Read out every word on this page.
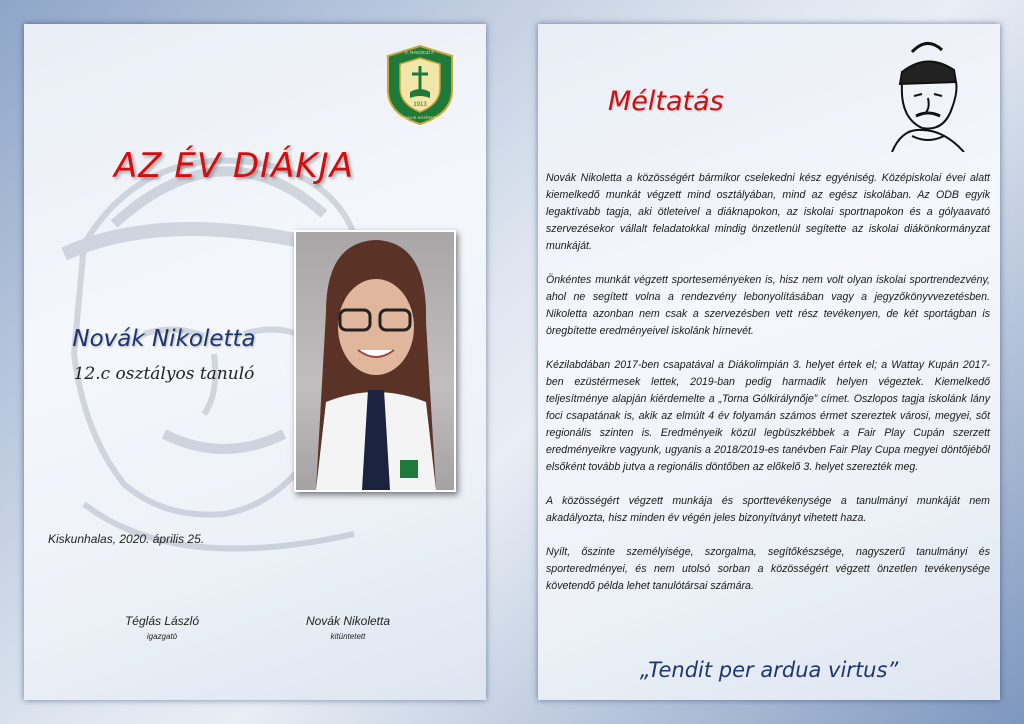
1913
II. RÁKÓCZI F.
KATOLIKUS KÖZÉPISKOLA
AZ ÉV DIÁKJA
Novák Nikoletta
12.c osztályos tanuló
Kiskunhalas, 2020. április 25.
Téglás László
igazgató
Novák Nikoletta
kitüntetett
Méltatás

Novák Nikoletta a közösségért bármikor cselekedni kész egyéniség. Középiskolai évei alatt kiemelkedő munkát végzett mind osztályában, mind az egész iskolában. Az ODB egyik legaktívabb tagja, aki ötleteivel a diáknapokon, az iskolai sportnapokon és a gólyaavató szervezésekor vállalt feladatokkal mindig önzetlenül segítette az iskolai diákönkormányzat munkáját.

Önkéntes munkát végzett sporteseményeken is, hisz nem volt olyan iskolai sportrendezvény, ahol ne segített volna a rendezvény lebonyolításában vagy a jegyzőkönyvvezetésben. Nikoletta azonban nem csak a szervezésben vett rész tevékenyen, de két sportágban is öregbítette eredményeivel iskolánk hírnevét.

Kézilabdában 2017-ben csapatával a Diákolimpián 3. helyet értek el; a Wattay Kupán 2017-ben ezüstérmesek lettek, 2019-ban pedig harmadik helyen végeztek. Kiemelkedő teljesítménye alapján kiérdemelte a „Torna Gólkirálynője” címet. Oszlopos tagja iskolánk lány foci csapatának is, akik az elmúlt 4 év folyamán számos érmet szereztek városi, megyei, sőt regionális szinten is. Eredményeik közül legbüszkébbek a Fair Play Cupán szerzett eredményeikre vagyunk, ugyanis a 2018/2019-es tanévben Fair Play Cupa megyei döntőjéből elsőként tovább jutva a regionális döntőben az előkelő 3. helyet szerezték meg.

A közösségért végzett munkája és sporttevékenysége a tanulmányi munkáját nem akadályozta, hisz minden év végén jeles bizonyítványt vihetett haza.

Nyílt, őszinte személyisége, szorgalma, segítőkészsége, nagyszerű tanulmányi és sporteredményei, és nem utolsó sorban a közösségért végzett önzetlen tevékenysége követendő példa lehet tanulótársai számára.

„Tendit per ardua virtus”
